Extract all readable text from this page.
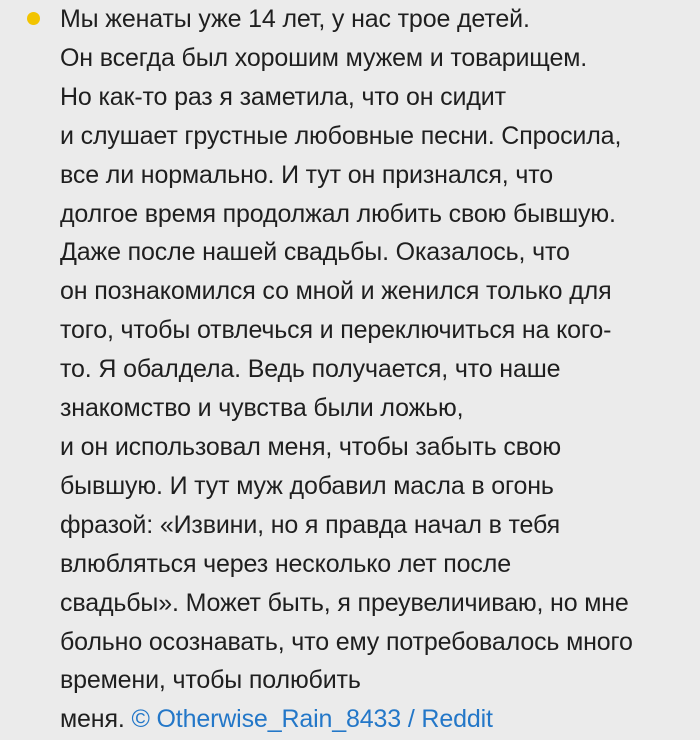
Мы женаты уже 14 лет, у нас трое детей.
Он всегда был хорошим мужем и товарищем.
Но как-то раз я заметила, что он сидит
и слушает грустные любовные песни. Спросила,
все ли нормально. И тут он признался, что
долгое время продолжал любить свою бывшую.
Даже после нашей свадьбы. Оказалось, что
он познакомился со мной и женился только для
того, чтобы отвлечься и переключиться на кого-
то. Я обалдела. Ведь получается, что наше
знакомство и чувства были ложью,
и он использовал меня, чтобы забыть свою
бывшую. И тут муж добавил масла в огонь
фразой: «Извини, но я правда начал в тебя
влюбляться через несколько лет после
свадьбы». Может быть, я преувеличиваю, но мне
больно осознавать, что ему потребовалось много
времени, чтобы полюбить
меня. © Otherwise_Rain_8433 / Reddit
